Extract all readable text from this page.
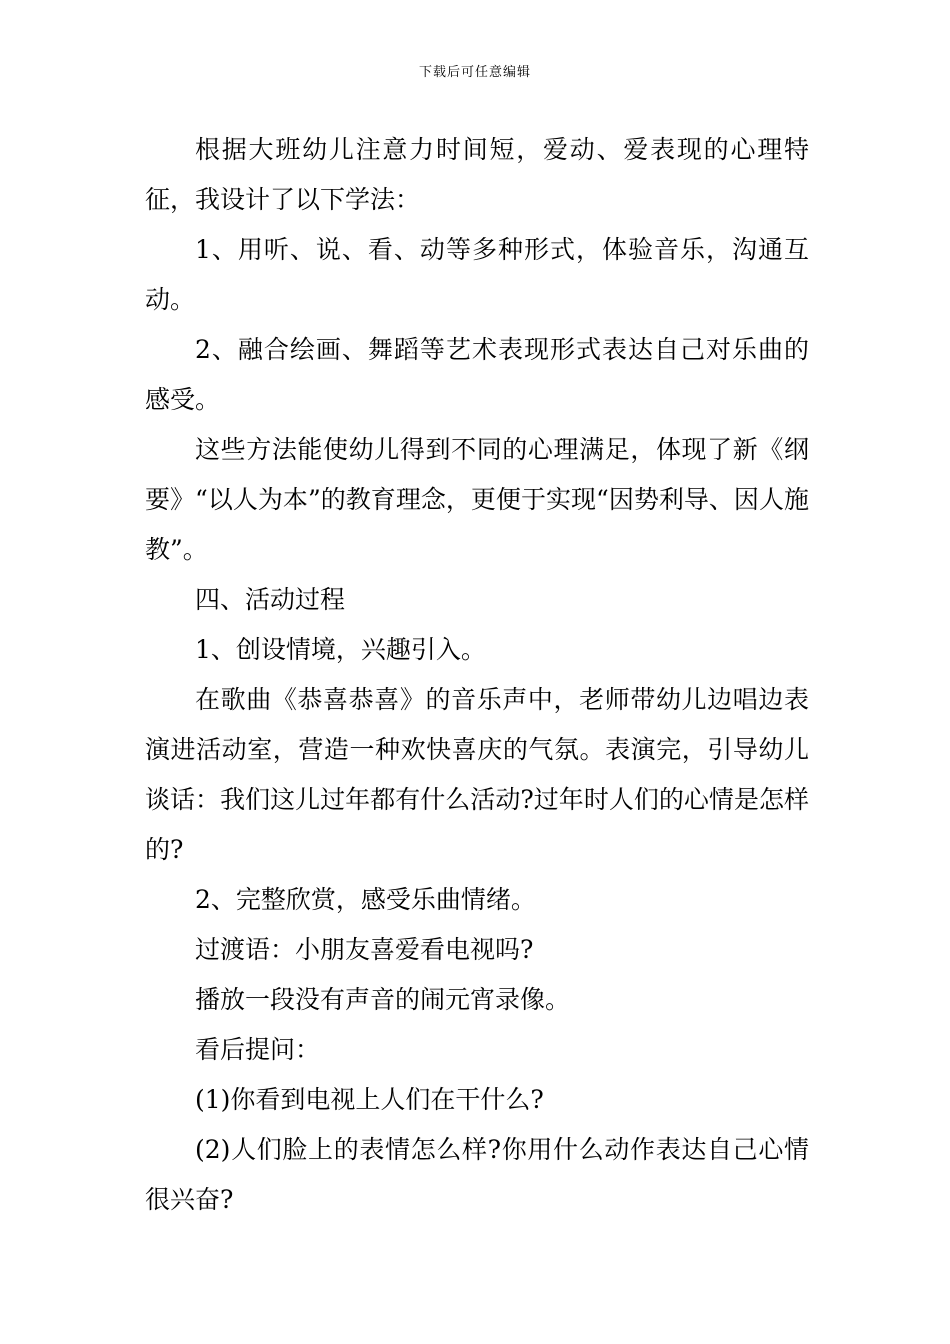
下载后可任意编辑

根据大班幼儿注意力时间短，爱动、爱表现的心理特征，我设计了以下学法：

1、用听、说、看、动等多种形式，体验音乐，沟通互动。

2、融合绘画、舞蹈等艺术表现形式表达自己对乐曲的感受。

这些方法能使幼儿得到不同的心理满足，体现了新《纲要》“以人为本”的教育理念，更便于实现“因势利导、因人施教”。

四、活动过程

1、创设情境，兴趣引入。

在歌曲《恭喜恭喜》的音乐声中，老师带幼儿边唱边表演进活动室，营造一种欢快喜庆的气氛。表演完，引导幼儿谈话：我们这儿过年都有什么活动?过年时人们的心情是怎样的?

2、完整欣赏，感受乐曲情绪。

过渡语：小朋友喜爱看电视吗?

播放一段没有声音的闹元宵录像。

看后提问：

(1)你看到电视上人们在干什么?

(2)人们脸上的表情怎么样?你用什么动作表达自己心情很兴奋?
